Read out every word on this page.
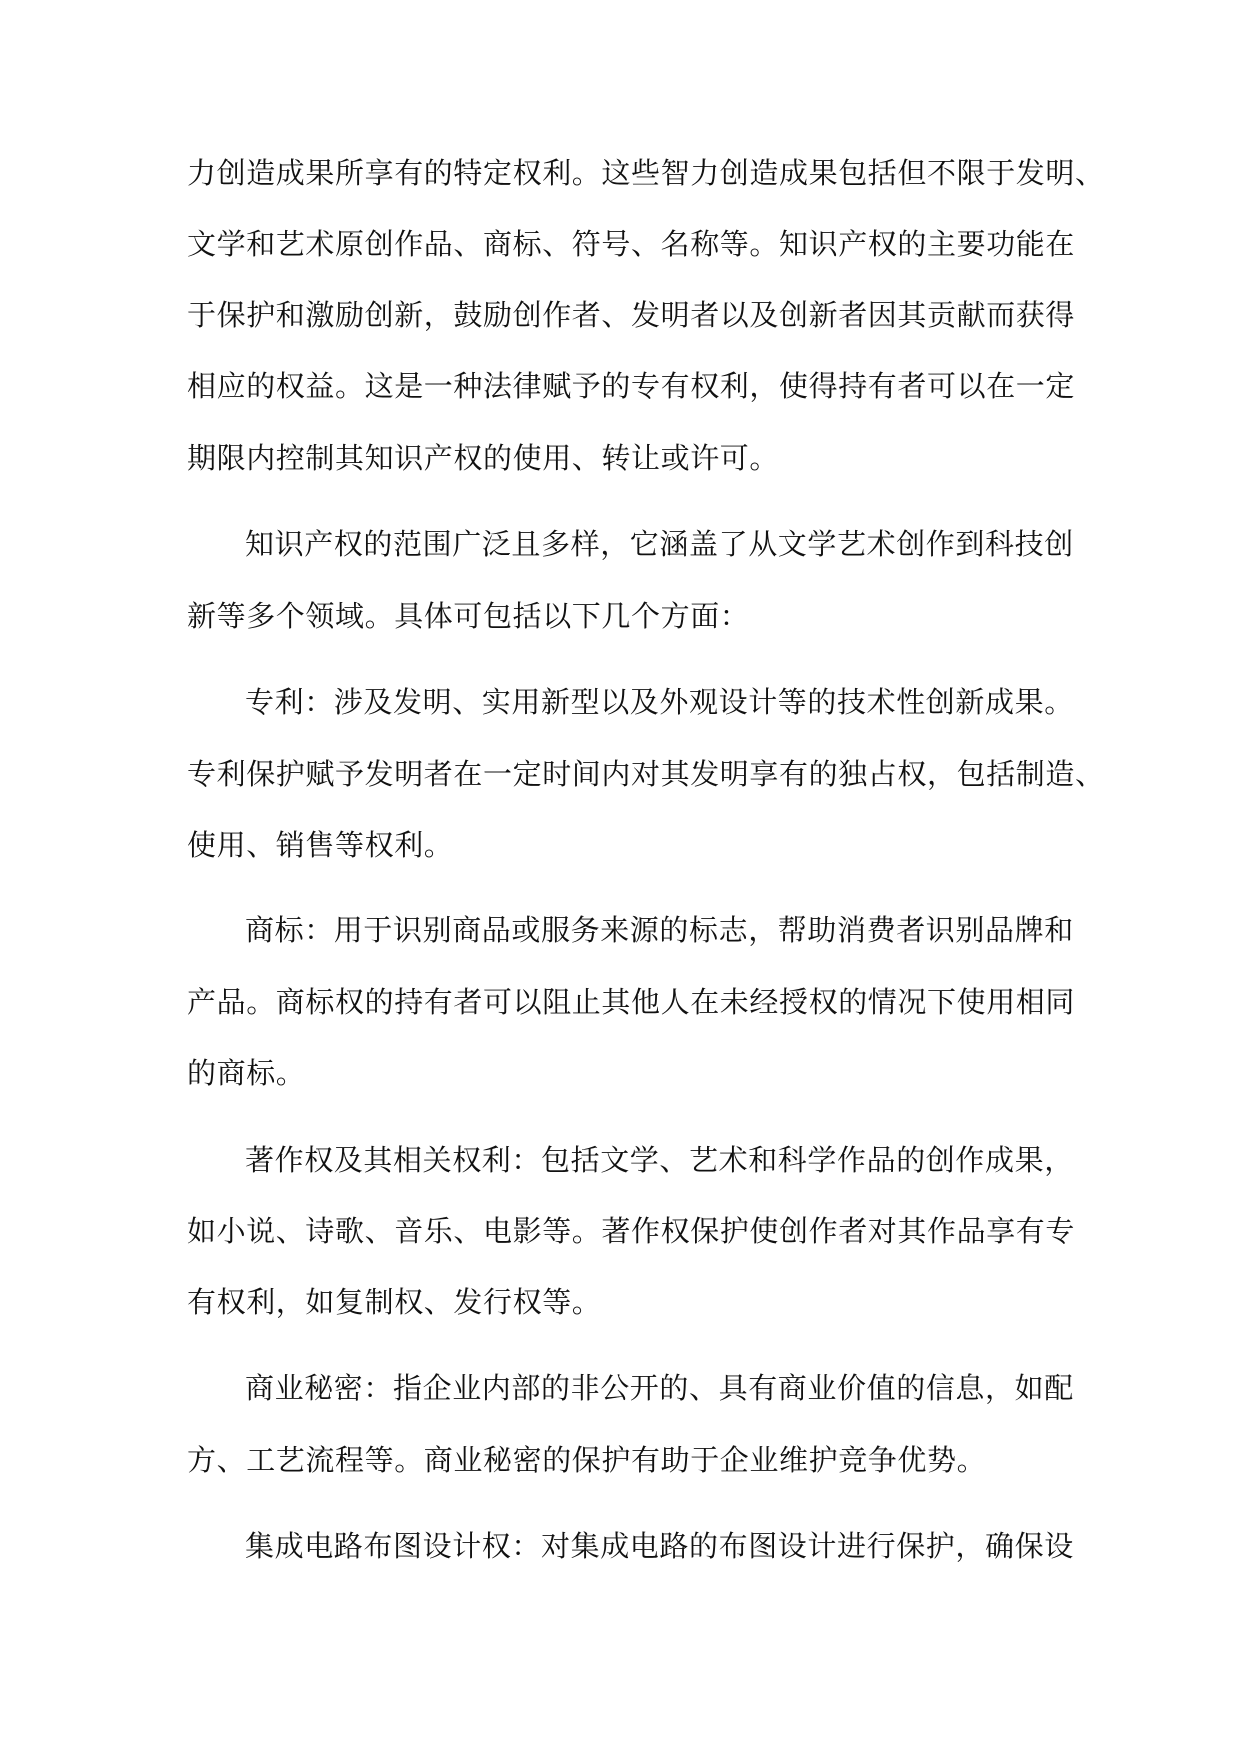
力创造成果所享有的特定权利。这些智力创造成果包括但不限于发明、
文学和艺术原创作品、商标、符号、名称等。知识产权的主要功能在
于保护和激励创新，鼓励创作者、发明者以及创新者因其贡献而获得
相应的权益。这是一种法律赋予的专有权利，使得持有者可以在一定
期限内控制其知识产权的使用、转让或许可。
知识产权的范围广泛且多样，它涵盖了从文学艺术创作到科技创
新等多个领域。具体可包括以下几个方面：
专利：涉及发明、实用新型以及外观设计等的技术性创新成果。
专利保护赋予发明者在一定时间内对其发明享有的独占权，包括制造、
使用、销售等权利。
商标：用于识别商品或服务来源的标志，帮助消费者识别品牌和
产品。商标权的持有者可以阻止其他人在未经授权的情况下使用相同
的商标。
著作权及其相关权利：包括文学、艺术和科学作品的创作成果，
如小说、诗歌、音乐、电影等。著作权保护使创作者对其作品享有专
有权利，如复制权、发行权等。
商业秘密：指企业内部的非公开的、具有商业价值的信息，如配
方、工艺流程等。商业秘密的保护有助于企业维护竞争优势。
集成电路布图设计权：对集成电路的布图设计进行保护，确保设
